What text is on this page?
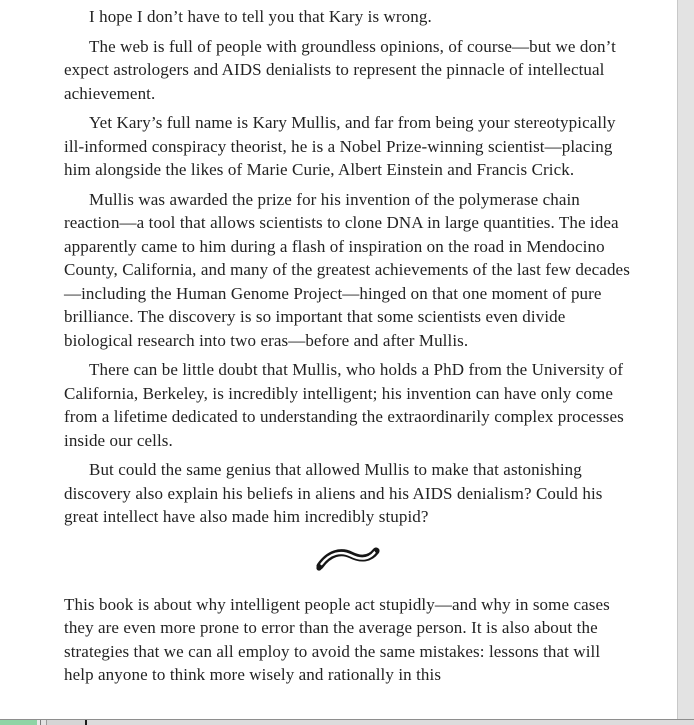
I hope I don’t have to tell you that Kary is wrong.

The web is full of people with groundless opinions, of course—but we don’t expect astrologers and AIDS denialists to represent the pinnacle of intellectual achievement.

Yet Kary’s full name is Kary Mullis, and far from being your stereotypically ill-informed conspiracy theorist, he is a Nobel Prize-winning scientist—placing him alongside the likes of Marie Curie, Albert Einstein and Francis Crick.

Mullis was awarded the prize for his invention of the polymerase chain reaction—a tool that allows scientists to clone DNA in large quantities. The idea apparently came to him during a flash of inspiration on the road in Mendocino County, California, and many of the greatest achievements of the last few decades—including the Human Genome Project—hinged on that one moment of pure brilliance. The discovery is so important that some scientists even divide biological research into two eras—before and after Mullis.

There can be little doubt that Mullis, who holds a PhD from the University of California, Berkeley, is incredibly intelligent; his invention can have only come from a lifetime dedicated to understanding the extraordinarily complex processes inside our cells.

But could the same genius that allowed Mullis to make that astonishing discovery also explain his beliefs in aliens and his AIDS denialism? Could his great intellect have also made him incredibly stupid?

This book is about why intelligent people act stupidly—and why in some cases they are even more prone to error than the average person. It is also about the strategies that we can all employ to avoid the same mistakes: lessons that will help anyone to think more wisely and rationally in this
